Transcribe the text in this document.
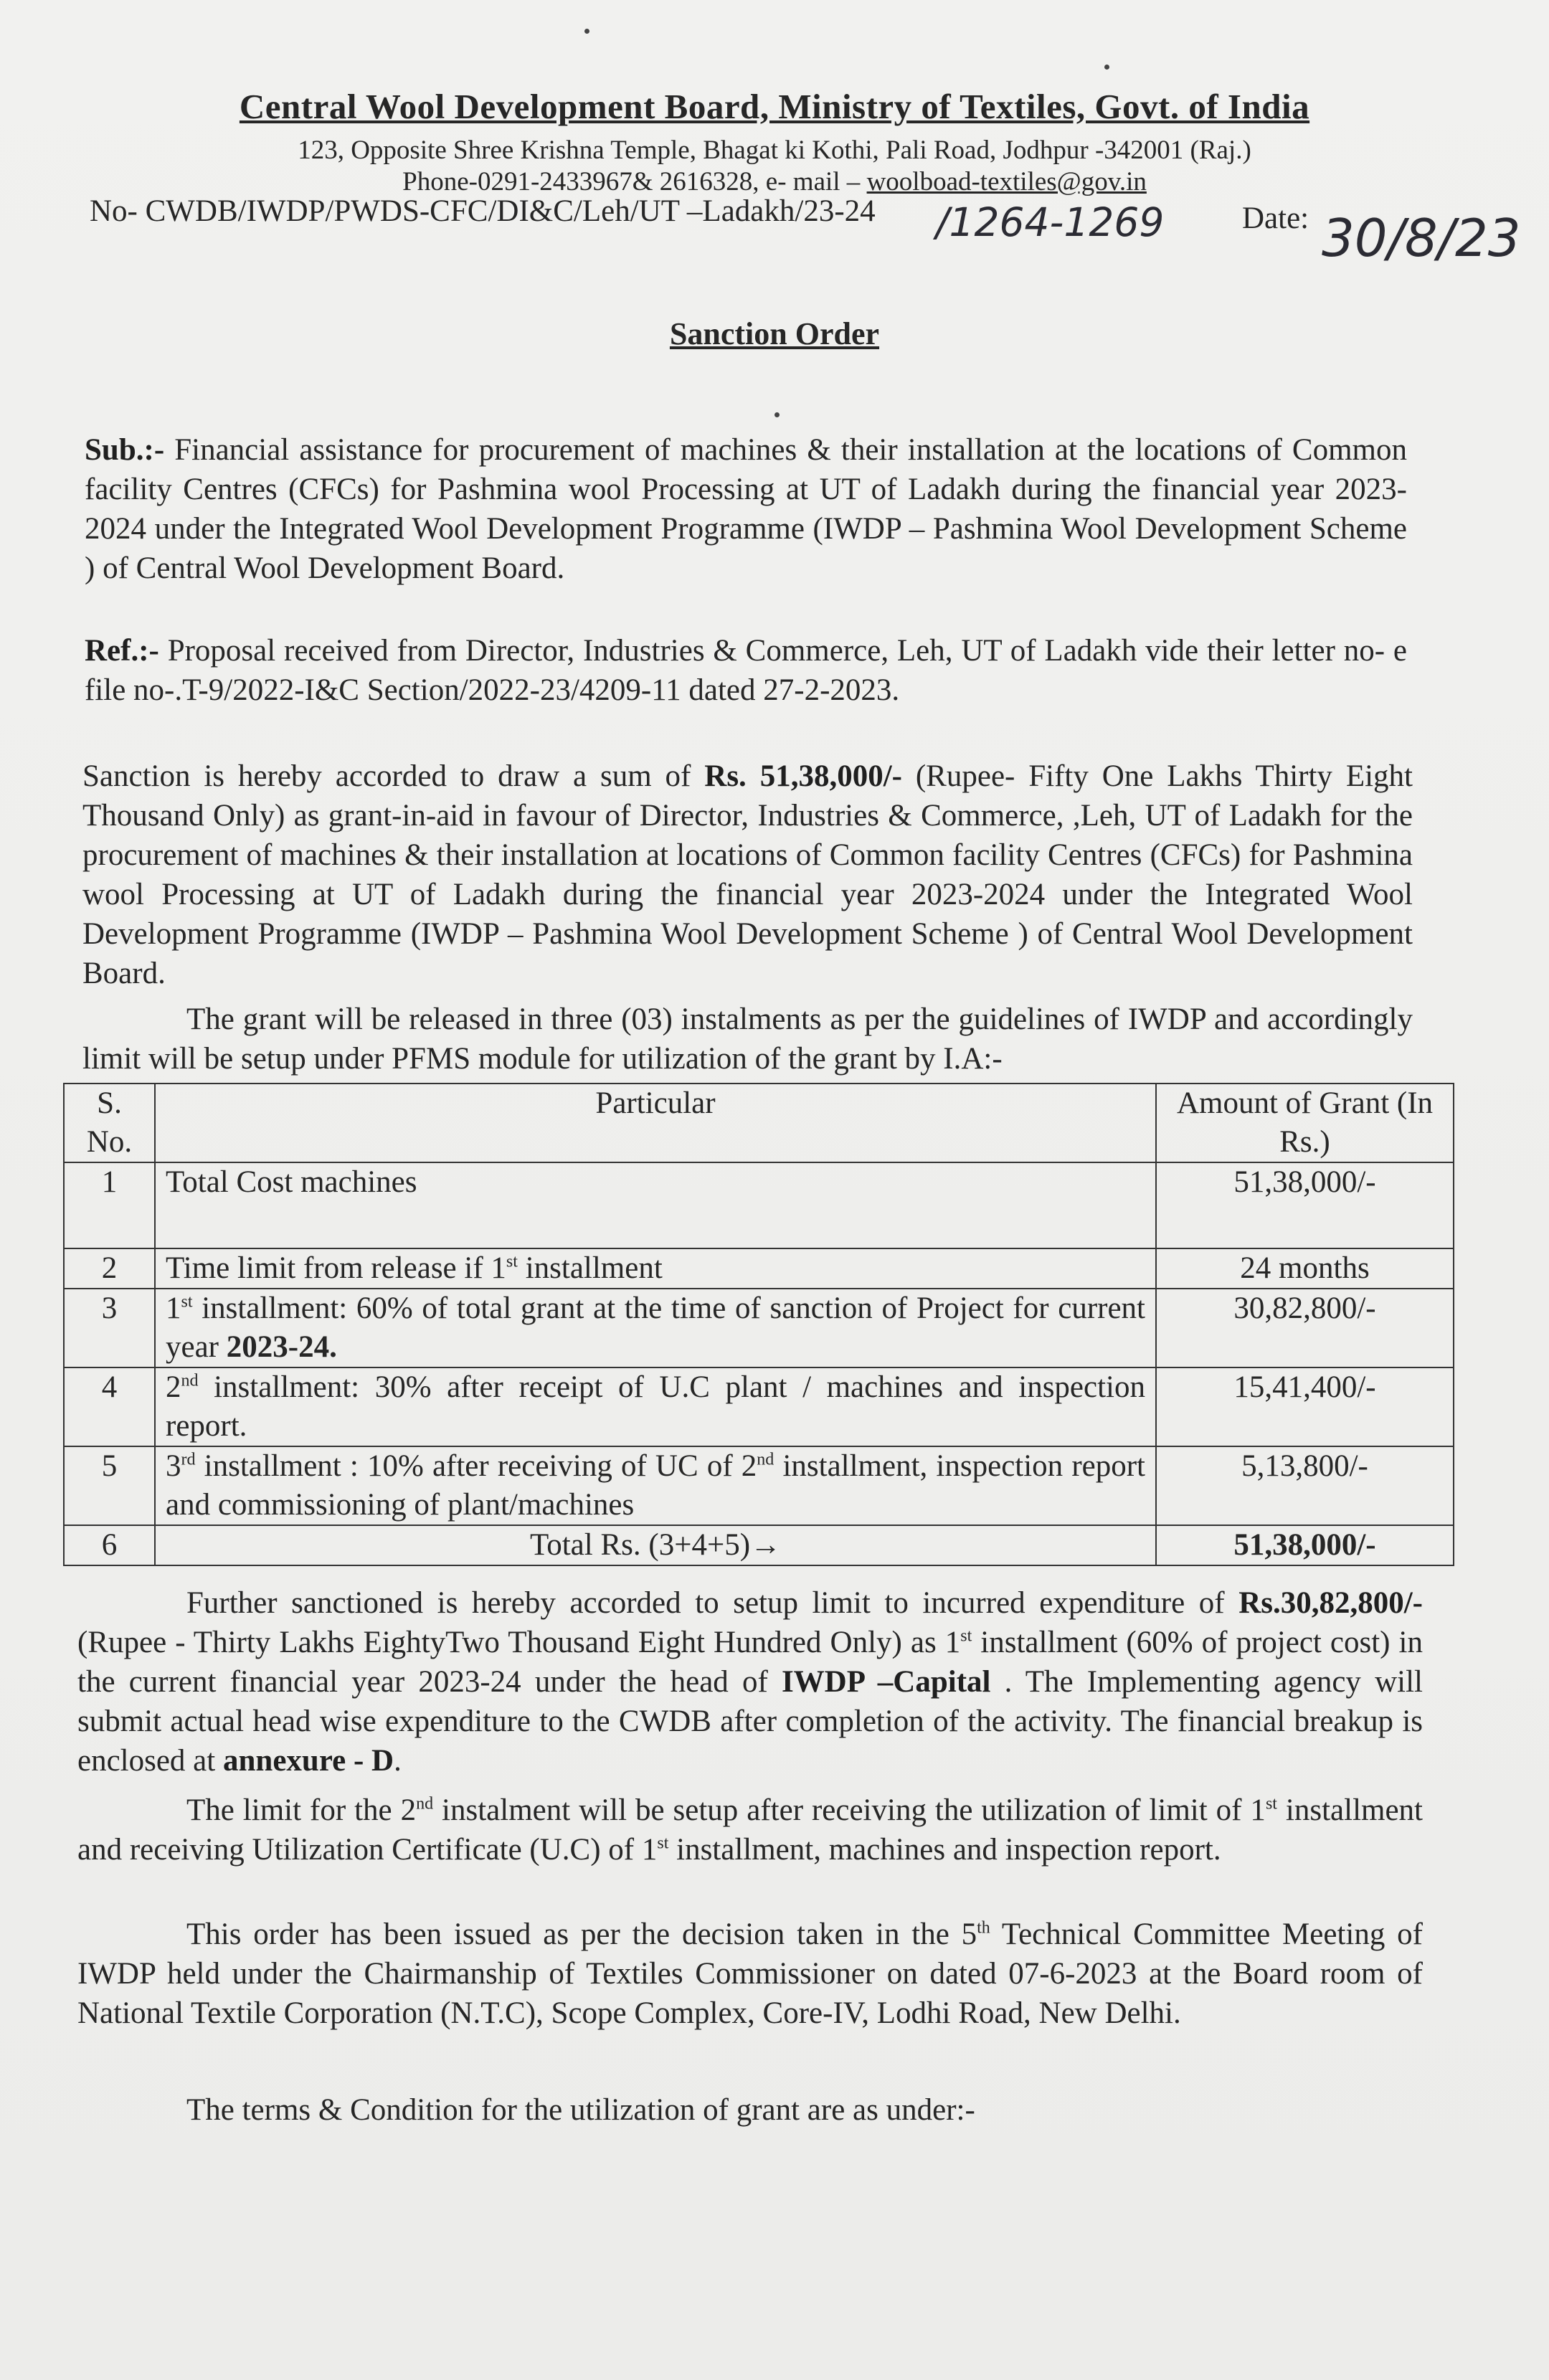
Central Wool Development Board, Ministry of Textiles, Govt. of India
123, Opposite Shree Krishna Temple, Bhagat ki Kothi, Pali Road, Jodhpur -342001 (Raj.)
Phone-0291-2433967& 2616328, e- mail – woolboad-textiles@gov.in
No- CWDB/IWDP/PWDS-CFC/DI&C/Leh/UT –Ladakh/23-24 /1264-1269	Date: 30/8/23
Sanction Order
Sub.:- Financial assistance for procurement of machines & their installation at the locations of Common facility Centres (CFCs) for Pashmina wool Processing at UT of Ladakh during the financial year 2023-2024 under the Integrated Wool Development Programme (IWDP – Pashmina Wool Development Scheme ) of Central Wool Development Board.
Ref.:- Proposal received from Director, Industries & Commerce, Leh, UT of Ladakh vide their letter no- e file no-.T-9/2022-I&C Section/2022-23/4209-11 dated 27-2-2023.
Sanction is hereby accorded to draw a sum of Rs. 51,38,000/- (Rupee- Fifty One Lakhs Thirty Eight Thousand Only) as grant-in-aid in favour of Director, Industries & Commerce, ,Leh, UT of Ladakh for the procurement of machines & their installation at locations of Common facility Centres (CFCs) for Pashmina wool Processing at UT of Ladakh during the financial year 2023-2024 under the Integrated Wool Development Programme (IWDP – Pashmina Wool Development Scheme ) of Central Wool Development Board.
The grant will be released in three (03) instalments as per the guidelines of IWDP and accordingly limit will be setup under PFMS module for utilization of the grant by I.A:-
S. No.	Particular	Amount of Grant (In Rs.)
1	Total Cost machines	51,38,000/-
2	Time limit from release if 1st installment	24 months
3	1st installment: 60% of total grant at the time of sanction of Project for current year 2023-24.	30,82,800/-
4	2nd installment: 30% after receipt of U.C plant / machines and inspection report.	15,41,400/-
5	3rd installment : 10% after receiving of UC of 2nd installment, inspection report and commissioning of plant/machines	5,13,800/-
6	Total Rs. (3+4+5)→	51,38,000/-
Further sanctioned is hereby accorded to setup limit to incurred expenditure of Rs.30,82,800/-(Rupee - Thirty Lakhs EightyTwo Thousand Eight Hundred Only) as 1st installment (60% of project cost) in the current financial year 2023-24 under the head of IWDP –Capital . The Implementing agency will submit actual head wise expenditure to the CWDB after completion of the activity. The financial breakup is enclosed at annexure - D.
The limit for the 2nd instalment will be setup after receiving the utilization of limit of 1st installment and receiving Utilization Certificate (U.C) of 1st installment, machines and inspection report.
This order has been issued as per the decision taken in the 5th Technical Committee Meeting of IWDP held under the Chairmanship of Textiles Commissioner on dated 07-6-2023 at the Board room of National Textile Corporation (N.T.C), Scope Complex, Core-IV, Lodhi Road, New Delhi.
The terms & Condition for the utilization of grant are as under:-
